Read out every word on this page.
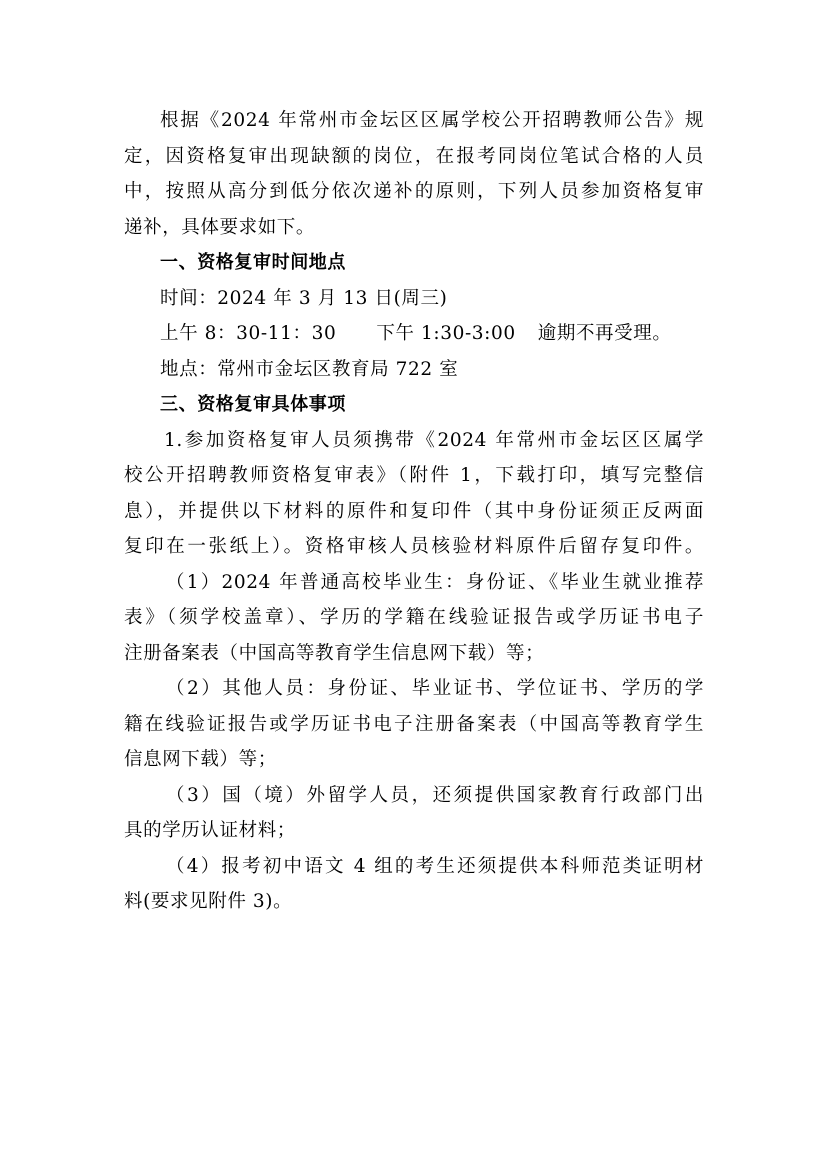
根据《2024 年常州市金坛区区属学校公开招聘教师公告》规
定，因资格复审出现缺额的岗位，在报考同岗位笔试合格的人员
中，按照从高分到低分依次递补的原则，下列人员参加资格复审
递补，具体要求如下。
一、资格复审时间地点
时间：2024 年 3 月 13 日(周三)
上午 8：30-11：30 下午 1:30-3:00 逾期不再受理。
地点：常州市金坛区教育局 722 室
三、资格复审具体事项
1.参加资格复审人员须携带《2024 年常州市金坛区区属学
校公开招聘教师资格复审表》（附件 1，下载打印，填写完整信
息），并提供以下材料的原件和复印件（其中身份证须正反两面
复印在一张纸上）。资格审核人员核验材料原件后留存复印件。
（1）2024 年普通高校毕业生：身份证、《毕业生就业推荐
表》（须学校盖章）、学历的学籍在线验证报告或学历证书电子
注册备案表（中国高等教育学生信息网下载）等；
（2）其他人员：身份证、毕业证书、学位证书、学历的学
籍在线验证报告或学历证书电子注册备案表（中国高等教育学生
信息网下载）等；
（3）国（境）外留学人员，还须提供国家教育行政部门出
具的学历认证材料；
（4）报考初中语文 4 组的考生还须提供本科师范类证明材
料(要求见附件 3)。
